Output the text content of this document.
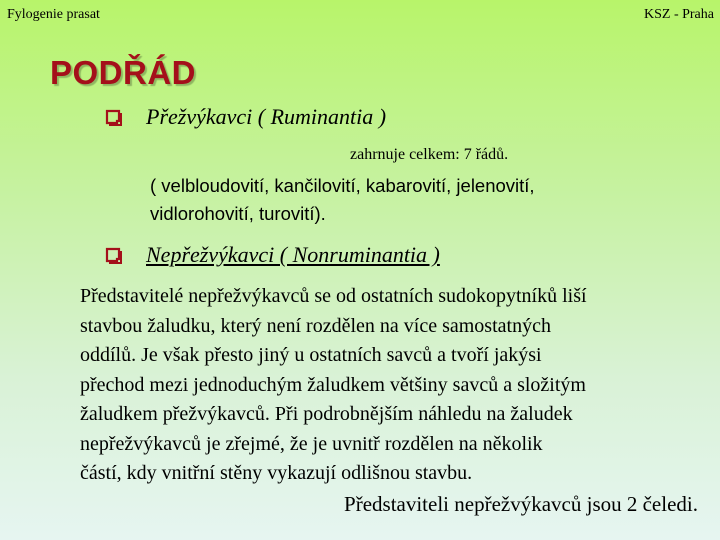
Fylogenie prasat	KSZ - Praha
PODŘÁD
Přežvýkavci ( Ruminantia )
zahrnuje celkem: 7 řádů.
( velbloudovití, kančilovití, kabarovití, jelenovití,
vidlorohovití, turovití).
Nepřežvýkavci ( Nonruminantia )
Představitelé nepřežvýkavců se od ostatních sudokopytníků liší
stavbou žaludku, který není rozdělen na více samostatných
oddílů. Je však přesto jiný u ostatních savců a tvoří jakýsi
přechod mezi jednoduchým žaludkem většiny savců a složitým
žaludkem přežvýkavců. Při podrobnějším náhledu na žaludek
nepřežvýkavců je zřejmé, že je uvnitř rozdělen na několik
částí, kdy vnitřní stěny vykazují odlišnou stavbu.
Představiteli nepřežvýkavců jsou 2 čeledi.
